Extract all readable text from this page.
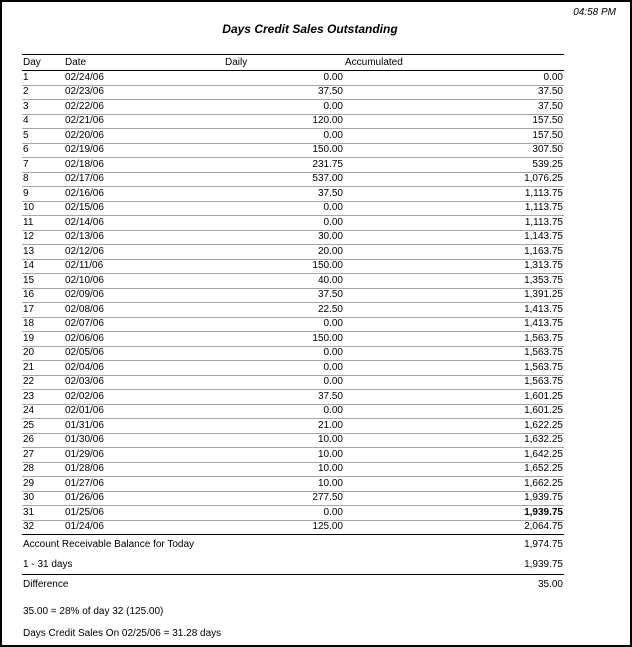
04:58 PM
Days Credit Sales Outstanding
Day	Date	Daily	Accumulated
1	02/24/06	0.00	0.00
2	02/23/06	37.50	37.50
3	02/22/06	0.00	37.50
4	02/21/06	120.00	157.50
5	02/20/06	0.00	157.50
6	02/19/06	150.00	307.50
7	02/18/06	231.75	539.25
8	02/17/06	537.00	1,076.25
9	02/16/06	37.50	1,113.75
10	02/15/06	0.00	1,113.75
11	02/14/06	0.00	1,113.75
12	02/13/06	30.00	1,143.75
13	02/12/06	20.00	1,163.75
14	02/11/06	150.00	1,313.75
15	02/10/06	40.00	1,353.75
16	02/09/06	37.50	1,391.25
17	02/08/06	22.50	1,413.75
18	02/07/06	0.00	1,413.75
19	02/06/06	150.00	1,563.75
20	02/05/06	0.00	1,563.75
21	02/04/06	0.00	1,563.75
22	02/03/06	0.00	1,563.75
23	02/02/06	37.50	1,601.25
24	02/01/06	0.00	1,601.25
25	01/31/06	21.00	1,622.25
26	01/30/06	10.00	1,632.25
27	01/29/06	10.00	1,642.25
28	01/28/06	10.00	1,652.25
29	01/27/06	10.00	1,662.25
30	01/26/06	277.50	1,939.75
31	01/25/06	0.00	1,939.75
32	01/24/06	125.00	2,064.75
Account Receivable Balance for Today	1,974.75
1 - 31 days	1,939.75
Difference	35.00
35.00 = 28% of day 32 (125.00)
Days Credit Sales On 02/25/06 = 31.28 days
